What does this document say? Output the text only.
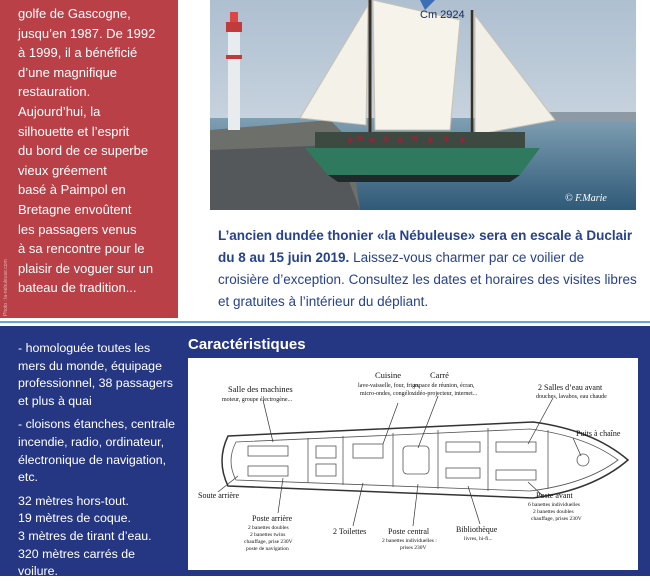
golfe de Gascogne,
jusqu’en 1987. De 1992
à 1999, il a bénéficié
d’une magnifique
restauration.
Aujourd’hui, la
silhouette et l’esprit
du bord de ce superbe
vieux gréement
basé à Paimpol en
Bretagne envoûtent
les passagers venus
à sa rencontre pour le
plaisir de voguer sur un
bateau de tradition...
Photo : la-nebuleuse.com
Cm 2924
© F.Marie
L’ancien dundée thonier «la Nébuleuse» sera en escale à Duclair du 8 au 15 juin 2019. Laissez-vous charmer par ce voilier de croisière d’exception. Consultez les dates et horaires des visites libres et gratuites à l’intérieur du dépliant.

- homologuée toutes les mers du monde, équipage professionnel, 38 passagers et plus à quai

- cloisons étanches, centrale incendie, radio, ordinateur, électronique de navigation, etc.

32 mètres hors-tout.
19 mètres de coque.
3 mètres de tirant d’eau.
320 mètres carrés de voilure.
Caractéristiques
Salle des machines
moteur, groupe électrogène...
Cuisine
lave-vaisselle, four, frigo,
micro-ondes, congélo...
Carré
espace de réunion, écran,
vidéo-projecteur, internet...
2 Salles d’eau avant
douches, lavabos, eau chaude
Puits à chaîne
Soute arrière
Poste arrière
2 banettes doubles
2 banettes twins
chauffage, prise 230V
poste de navigation
2 Toilettes	Poste central
2 banettes individuelles :
prises 230V
Bibliothèque
livres, hi-fi...
Poste avant
6 banettes individuelles
2 banettes doubles
chauffage, prises 230V
